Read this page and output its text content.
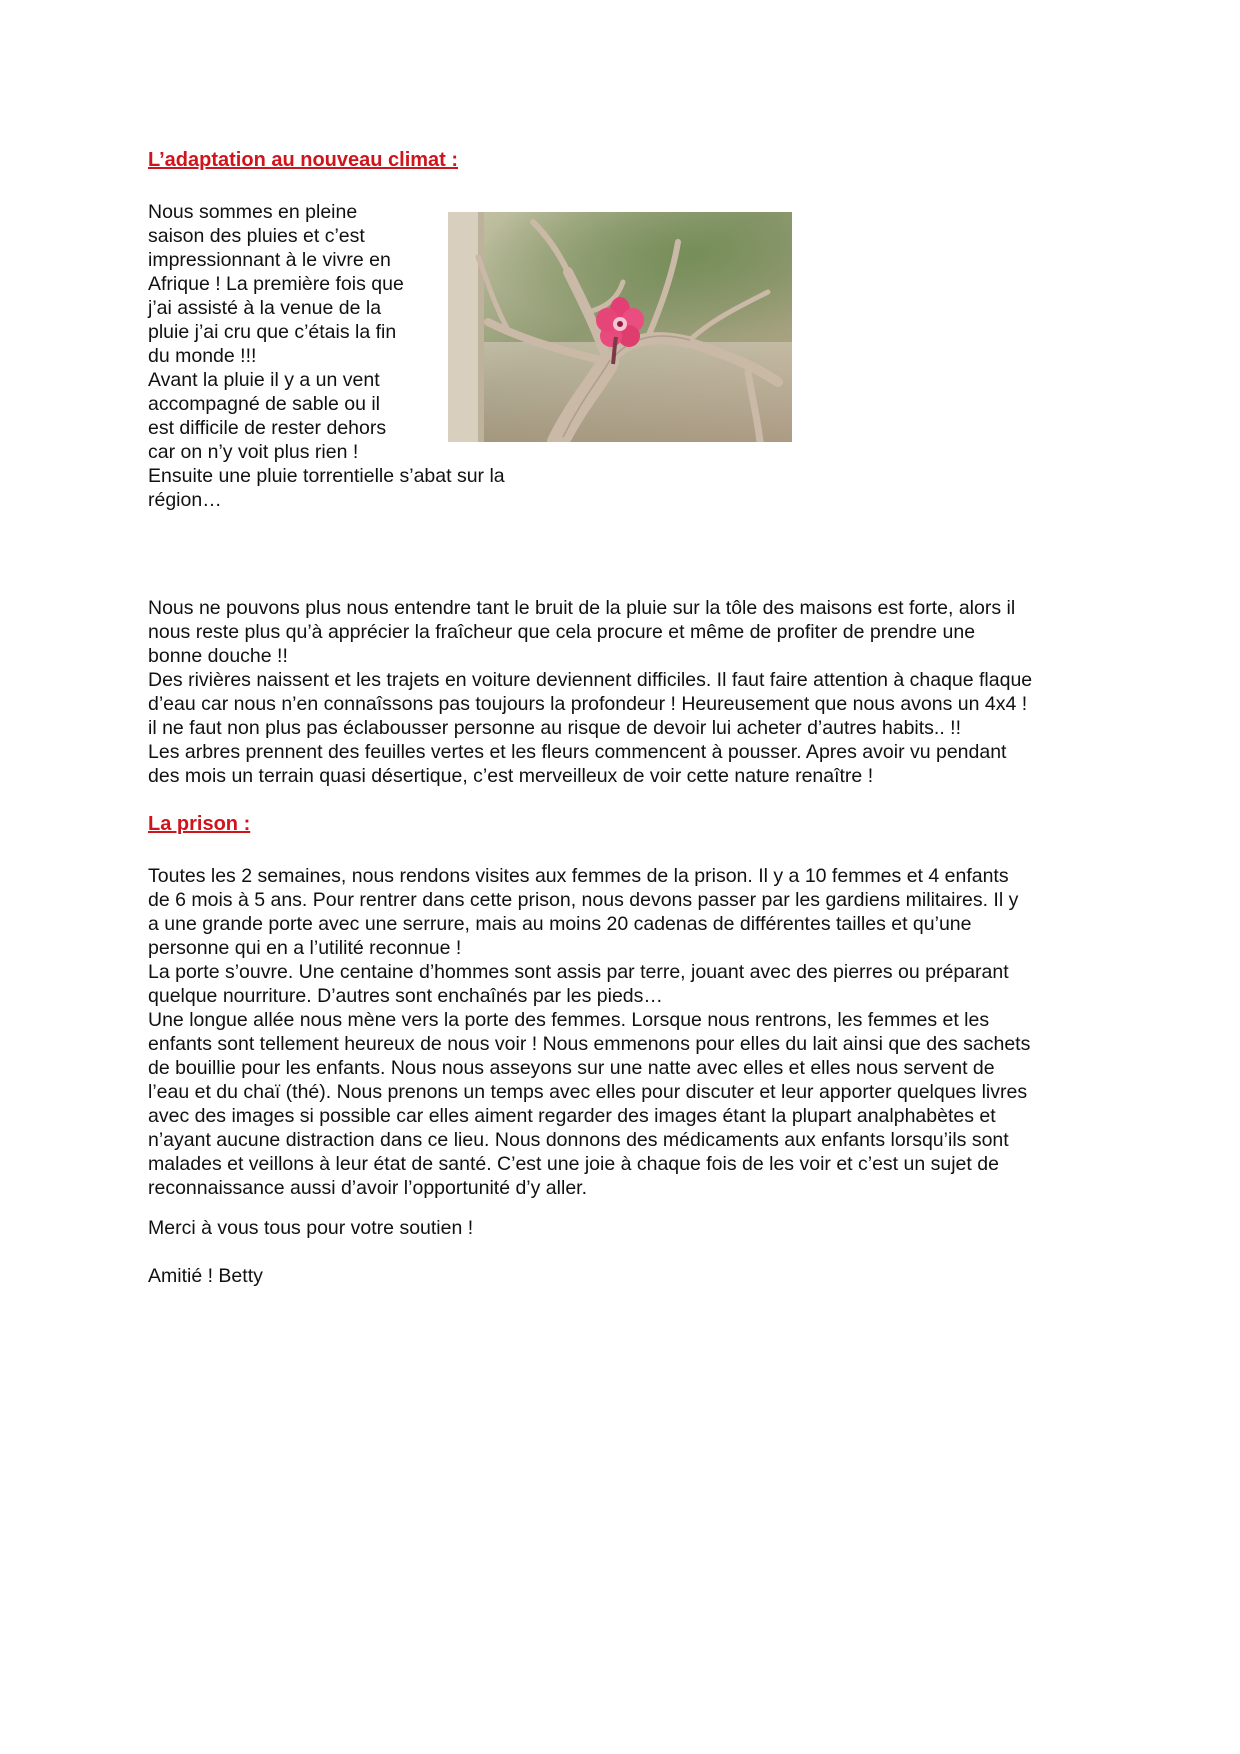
L’adaptation au nouveau climat :

Nous sommes en pleine

saison des pluies et c’est

impressionnant à le vivre en

Afrique ! La première fois que

j’ai assisté à la venue de la

pluie j’ai cru que c’étais la fin

du monde !!!

Avant la pluie il y a un vent

accompagné de sable ou il

est difficile de rester dehors

car on n’y voit plus rien !

Ensuite une pluie torrentielle s’abat sur la

région…

Nous ne pouvons plus nous entendre tant le bruit de la pluie sur la tôle des maisons est forte, alors il

nous reste plus qu’à apprécier la fraîcheur que cela procure et même de profiter de prendre une

bonne douche !!

Des rivières naissent et les trajets en voiture deviennent difficiles. Il faut faire attention à chaque flaque

d’eau car nous n’en connaîssons pas toujours la profondeur ! Heureusement que nous avons un 4x4 !

il ne faut non plus pas éclabousser personne au risque de devoir lui acheter d’autres habits.. !!

Les arbres prennent des feuilles vertes et les fleurs commencent à pousser. Apres avoir vu pendant

des mois un terrain quasi désertique, c’est merveilleux de voir cette nature renaître !

La prison :

Toutes les 2 semaines, nous rendons visites aux femmes de la prison. Il y a 10 femmes et 4 enfants

de 6 mois à 5 ans. Pour rentrer dans cette prison, nous devons passer par les gardiens militaires. Il y

a une grande porte avec une serrure, mais au moins 20 cadenas de différentes tailles et qu’une

personne qui en a l’utilité reconnue !

La porte s’ouvre. Une centaine d’hommes sont assis par terre, jouant avec des pierres ou préparant

quelque nourriture. D’autres sont enchaînés par les pieds…

Une longue allée nous mène vers la porte des femmes. Lorsque nous rentrons, les femmes et les

enfants sont tellement heureux de nous voir ! Nous emmenons pour elles du lait ainsi que des sachets

de bouillie pour les enfants. Nous nous asseyons sur une natte avec elles et elles nous servent de

l’eau et du chaï (thé). Nous prenons un temps avec elles pour discuter et leur apporter quelques livres

avec des images si possible car elles aiment regarder des images étant la plupart analphabètes et

n’ayant aucune distraction dans ce lieu. Nous donnons des médicaments aux enfants lorsqu’ils sont

malades et veillons à leur état de santé. C’est une joie à chaque fois de les voir et c’est un sujet de

reconnaissance aussi d’avoir l’opportunité d’y aller.

Merci à vous tous pour votre soutien !
Amitié ! Betty
